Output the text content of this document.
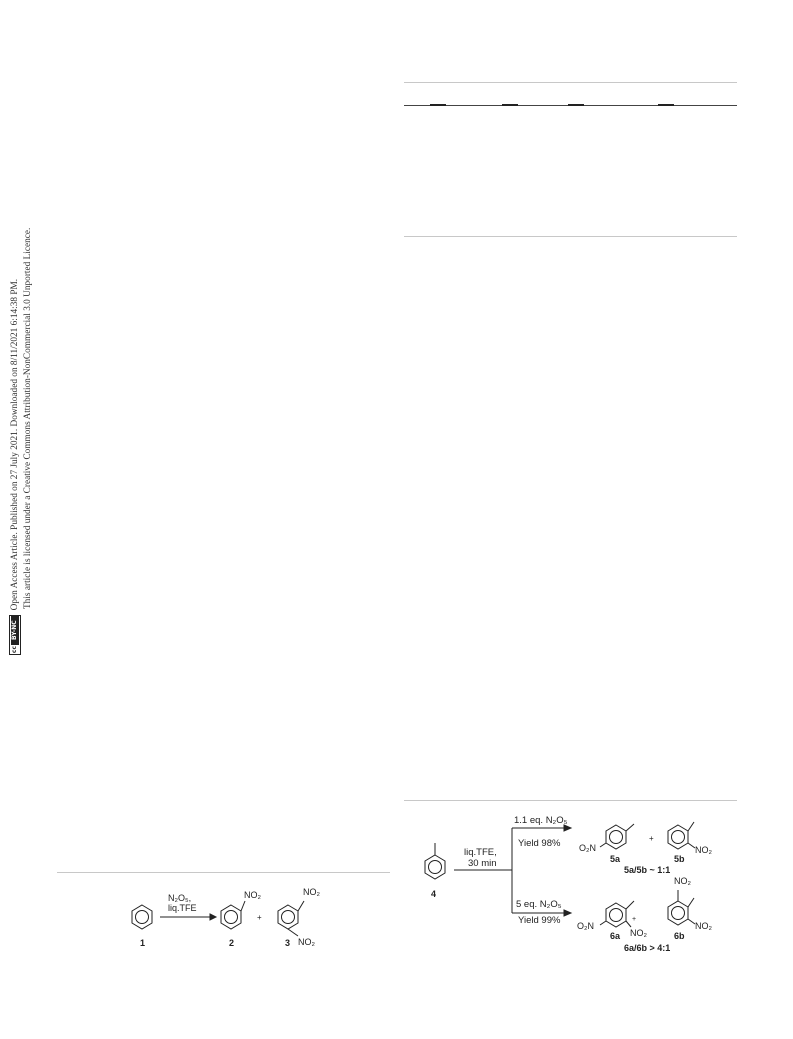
cc
BY-NC
Open Access Article. Published on 27 July 2021. Downloaded on 8/11/2021 6:14:38 PM. This article is licensed under a Creative Commons Attribution-NonCommercial 3.0 Unported Licence.
N₂O₅,
liq.TFE
NO₂
+
NO₂
NO₂
1	2	3
4
liq.TFE,
30 min
1.1 eq. N₂O₅
Yield 98%
5 eq. N₂O₅
Yield 99%
O₂N
+
NO₂
5a	5b
5a/5b ~ 1:1
O₂N
NO₂
+
NO₂
NO₂
6a	6b
6a/6b > 4:1
